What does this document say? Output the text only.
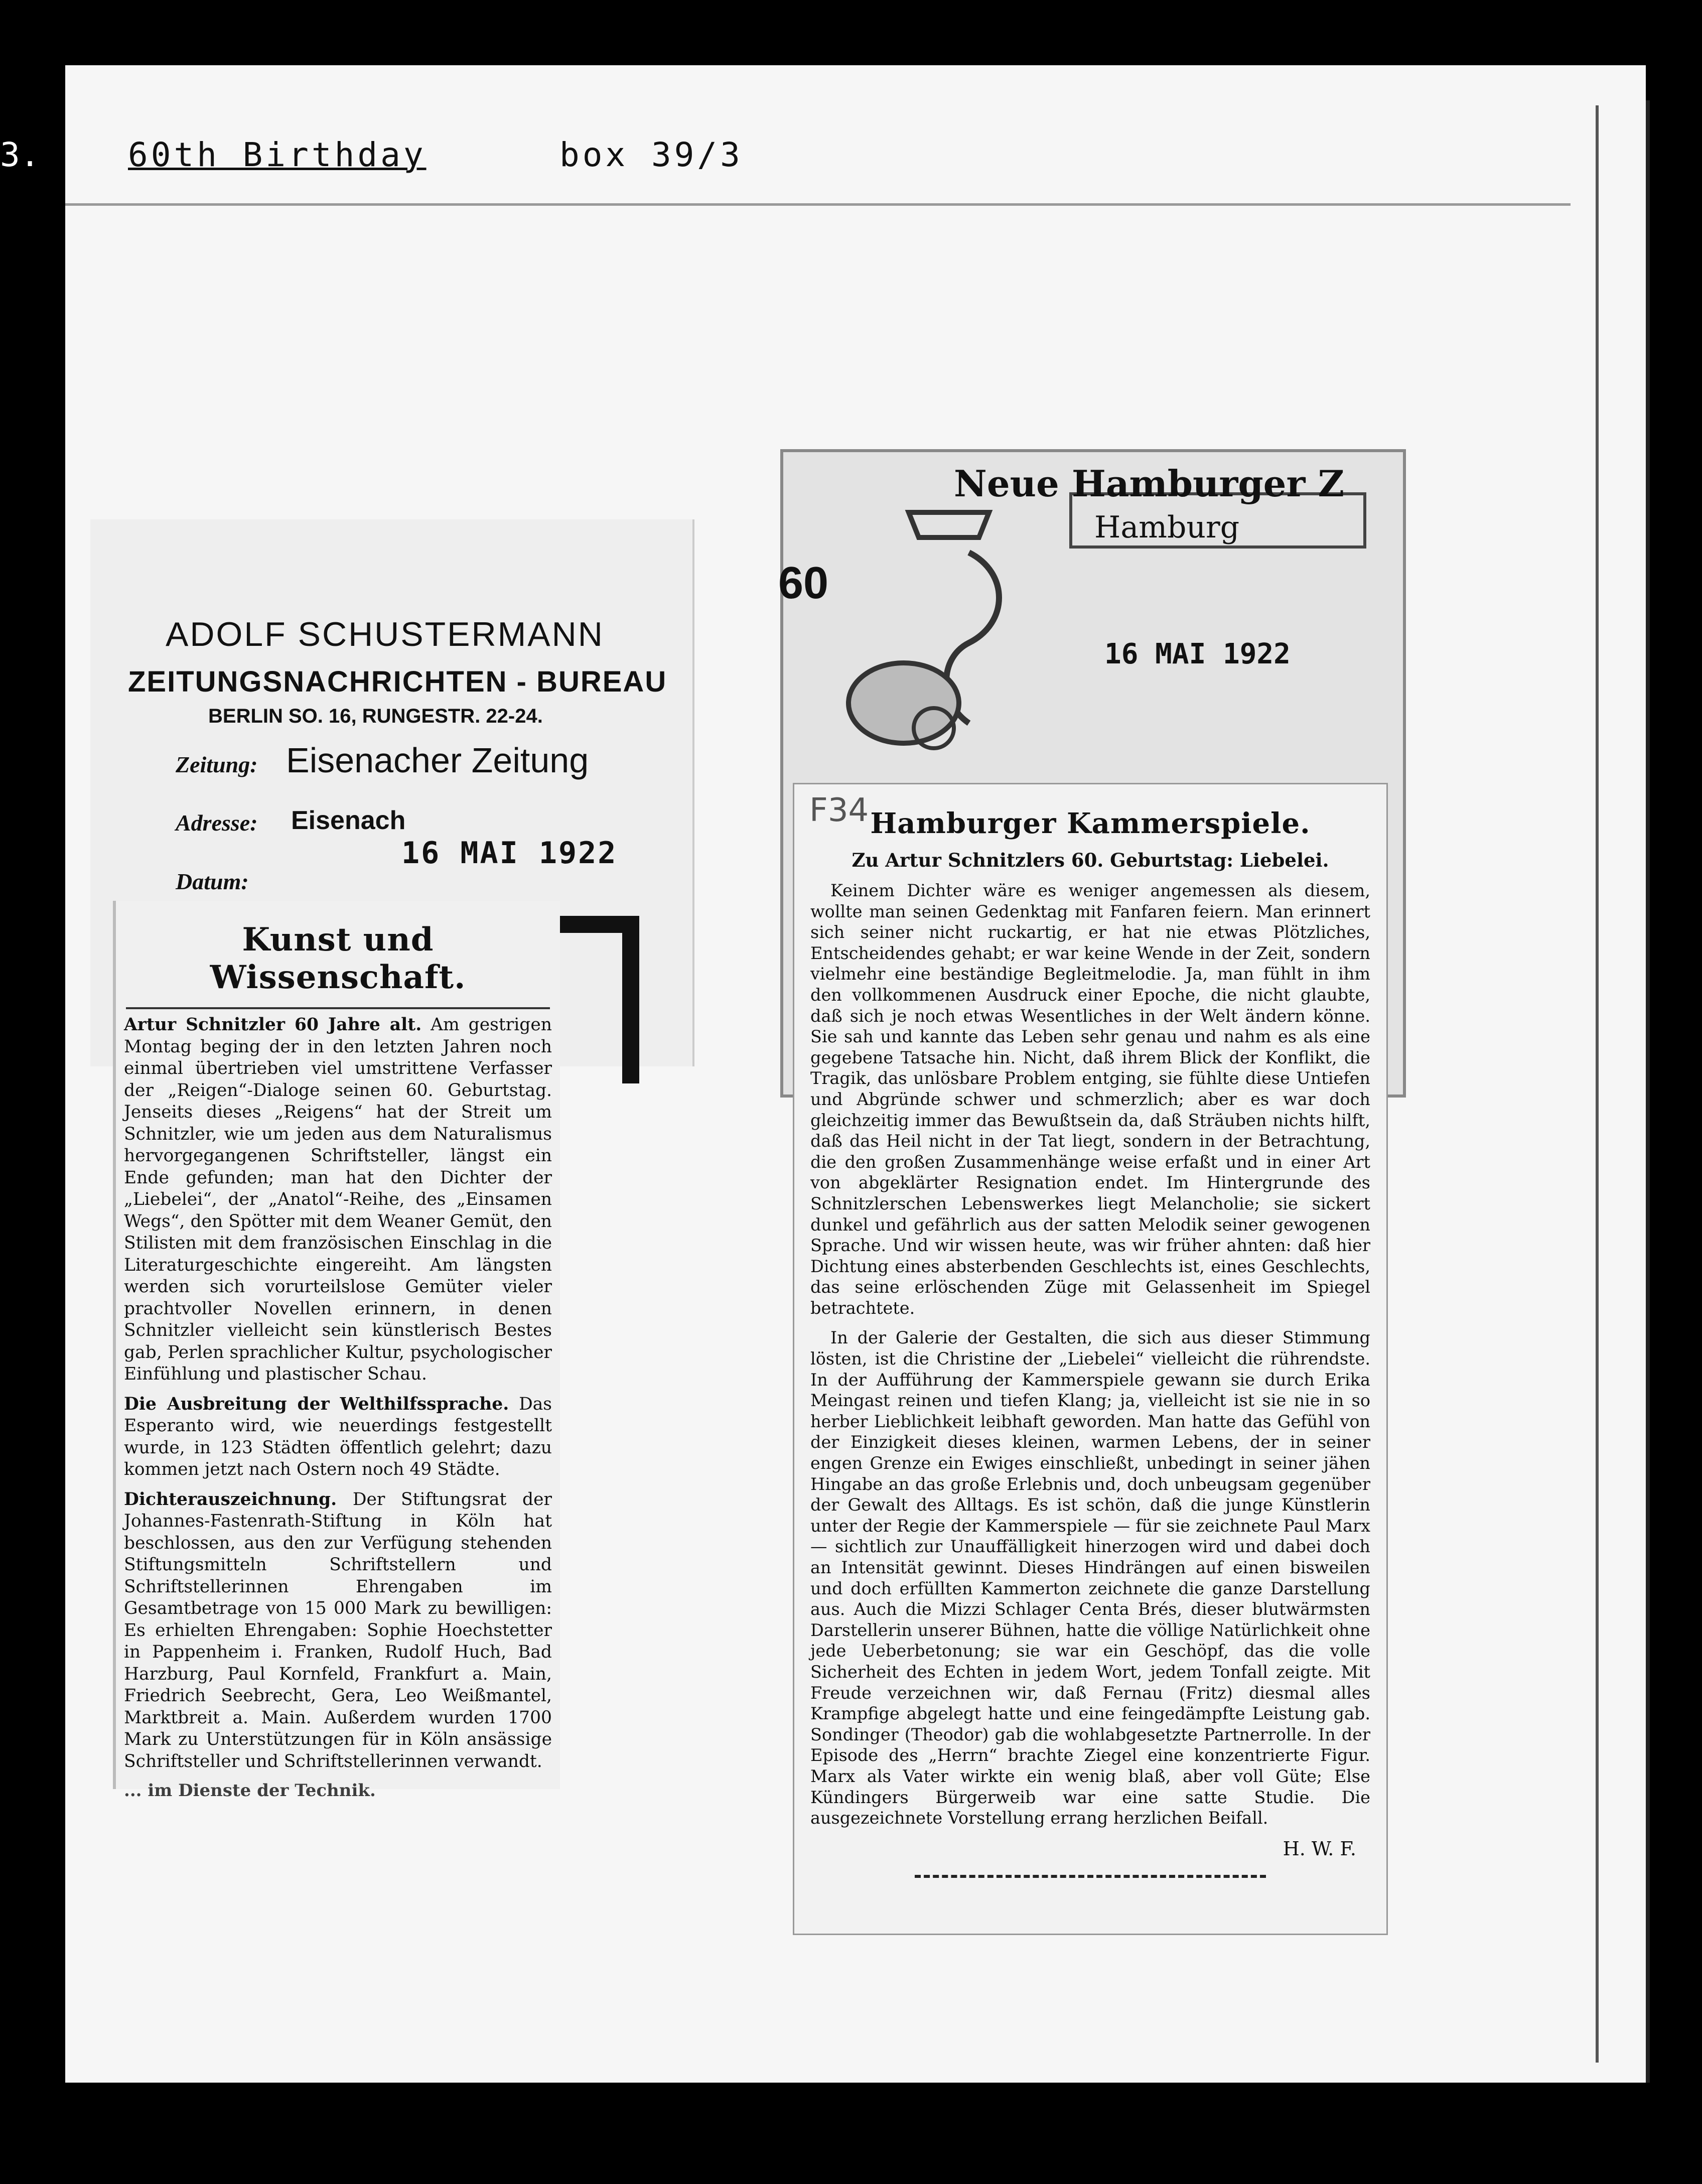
3.	60th Birthday	box 39/3
ADOLF SCHUSTERMANN
ZEITUNGSNACHRICHTEN - BUREAU
BERLIN SO. 16, RUNGESTR. 22-24.
Zeitung: Eisenacher Zeitung
Adresse: Eisenach
Datum:
16 MAI 1922
Kunst und Wissenschaft.

Artur Schnitzler 60 Jahre alt. Am gestrigen Montag beging der in den letzten Jahren noch einmal übertrieben viel umstrittene Verfasser der „Reigen“-Dialoge seinen 60. Geburtstag. Jenseits dieses „Reigens“ hat der Streit um Schnitzler, wie um jeden aus dem Naturalismus hervorgegangenen Schriftsteller, längst ein Ende gefunden; man hat den Dichter der „Liebelei“, der „Anatol“-Reihe, des „Einsamen Wegs“, den Spötter mit dem Weaner Gemüt, den Stilisten mit dem französischen Einschlag in die Literaturgeschichte eingereiht. Am längsten werden sich vorurteilslose Gemüter vieler prachtvoller Novellen erinnern, in denen Schnitzler vielleicht sein künstlerisch Bestes gab, Perlen sprachlicher Kultur, psychologischer Einfühlung und plastischer Schau.

Die Ausbreitung der Welthilfssprache. Das Esperanto wird, wie neuerdings festgestellt wurde, in 123 Städten öffentlich gelehrt; dazu kommen jetzt nach Ostern noch 49 Städte.

Dichterauszeichnung. Der Stiftungsrat der Johannes-Fastenrath-Stiftung in Köln hat beschlossen, aus den zur Verfügung stehenden Stiftungsmitteln Schriftstellern und Schriftstellerinnen Ehrengaben im Gesamtbetrage von 15 000 Mark zu bewilligen: Es erhielten Ehrengaben: Sophie Hoechstetter in Pappenheim i. Franken, Rudolf Huch, Bad Harzburg, Paul Kornfeld, Frankfurt a. Main, Friedrich Seebrecht, Gera, Leo Weißmantel, Marktbreit a. Main. Außerdem wurden 1700 Mark zu Unterstützungen für in Köln ansässige Schriftsteller und Schriftstellerinnen verwandt.

... im Dienste der Technik.
60
Neue Hamburger Z
Hamburg
16 MAI 1922
F34 Hamburger Kammerspiele.
Zu Artur Schnitzlers 60. Geburtstag: Liebelei.

Keinem Dichter wäre es weniger angemessen als diesem, wollte man seinen Gedenktag mit Fanfaren feiern. Man erinnert sich seiner nicht ruckartig, er hat nie etwas Plötzliches, Entscheidendes gehabt; er war keine Wende in der Zeit, sondern vielmehr eine beständige Begleitmelodie. Ja, man fühlt in ihm den vollkommenen Ausdruck einer Epoche, die nicht glaubte, daß sich je noch etwas Wesentliches in der Welt ändern könne. Sie sah und kannte das Leben sehr genau und nahm es als eine gegebene Tatsache hin. Nicht, daß ihrem Blick der Konflikt, die Tragik, das unlösbare Problem entging, sie fühlte diese Untiefen und Abgründe schwer und schmerzlich; aber es war doch gleichzeitig immer das Bewußtsein da, daß Sträuben nichts hilft, daß das Heil nicht in der Tat liegt, sondern in der Betrachtung, die den großen Zusammenhänge weise erfaßt und in einer Art von abgeklärter Resignation endet. Im Hintergrunde des Schnitzlerschen Lebenswerkes liegt Melancholie; sie sickert dunkel und gefährlich aus der satten Melodik seiner gewogenen Sprache. Und wir wissen heute, was wir früher ahnten: daß hier Dichtung eines absterbenden Geschlechts ist, eines Geschlechts, das seine erlöschenden Züge mit Gelassenheit im Spiegel betrachtete.

In der Galerie der Gestalten, die sich aus dieser Stimmung lösten, ist die Christine der „Liebelei“ vielleicht die rührendste. In der Aufführung der Kammerspiele gewann sie durch Erika Meingast reinen und tiefen Klang; ja, vielleicht ist sie nie in so herber Lieblichkeit leibhaft geworden. Man hatte das Gefühl von der Einzigkeit dieses kleinen, warmen Lebens, der in seiner engen Grenze ein Ewiges einschließt, unbedingt in seiner jähen Hingabe an das große Erlebnis und, doch unbeugsam gegenüber der Gewalt des Alltags. Es ist schön, daß die junge Künstlerin unter der Regie der Kammerspiele — für sie zeichnete Paul Marx — sichtlich zur Unauffälligkeit hinerzogen wird und dabei doch an Intensität gewinnt. Dieses Hindrängen auf einen bisweilen und doch erfüllten Kammerton zeichnete die ganze Darstellung aus. Auch die Mizzi Schlager Centa Brés, dieser blutwärmsten Darstellerin unserer Bühnen, hatte die völlige Natürlichkeit ohne jede Ueberbetonung; sie war ein Geschöpf, das die volle Sicherheit des Echten in jedem Wort, jedem Tonfall zeigte. Mit Freude verzeichnen wir, daß Fernau (Fritz) diesmal alles Krampfige abgelegt hatte und eine feingedämpfte Leistung gab. Sondinger (Theodor) gab die wohlabgesetzte Partnerrolle. In der Episode des „Herrn“ brachte Ziegel eine konzentrierte Figur. Marx als Vater wirkte ein wenig blaß, aber voll Güte; Else Kündingers Bürgerweib war eine satte Studie. Die ausgezeichnete Vorstellung errang herzlichen Beifall.

H. W. F.
